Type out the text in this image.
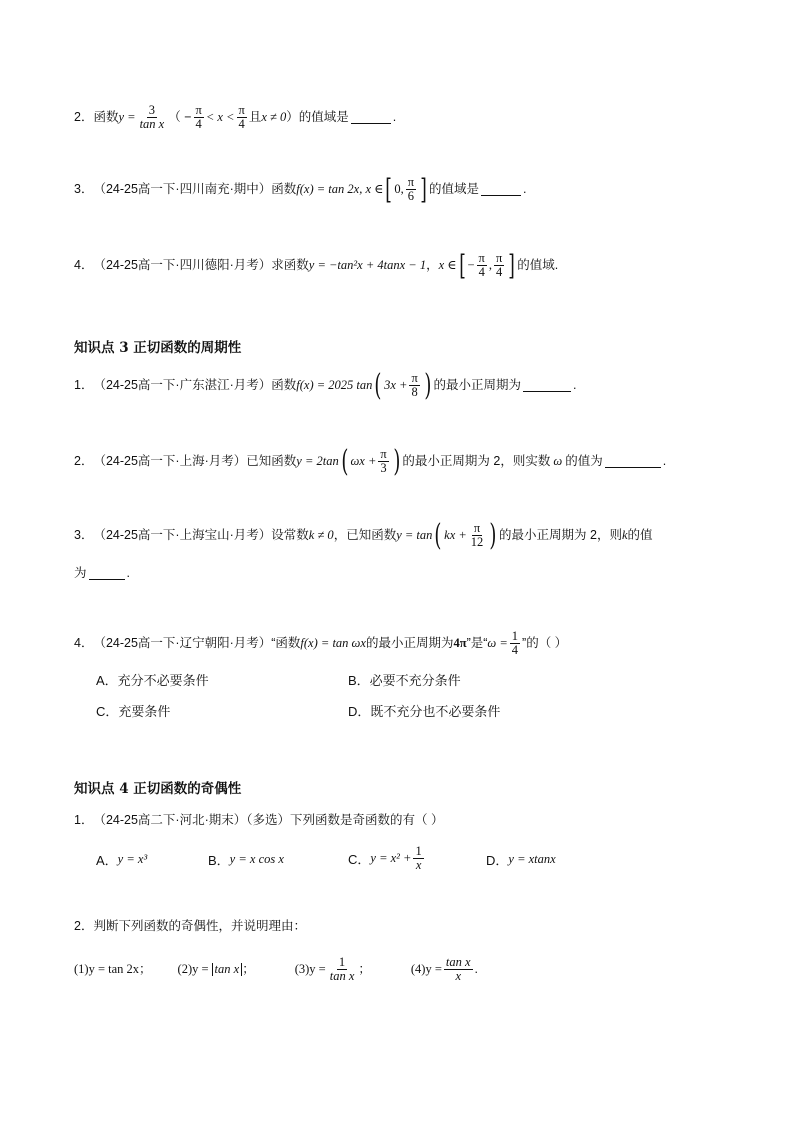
2． 函数 $y = \frac{3}{\text{tan x}}$ （ − $\frac{\pi}{4} < x < \frac{\pi}{4}$ 且 x ≠ 0 ） 的值域是	.
3． （24-25高一下·四川南充·期中） 函数 f(x) = tan 2x, x ∈ [ 0, $\frac{\pi}{6}$ ] 的值域是	.
4． （24-25高一下·四川德阳·月考） 求函数 y = −tan²x + 4tanx − 1 ， x ∈ [ − $\frac{\pi}{4}$ , $\frac{\pi}{4}$ ] 的值域.
知识点 3 正切函数的周期性
1． （24-25高一下·广东湛江·月考） 函数 f(x) = 2025 tan ( $3x + \frac{\pi}{8}$ ) 的最小正周期为	.
2． （24-25高一下·上海·月考） 已知函数 y = 2tan ( $\omega x + \frac{\pi}{3}$ ) 的最小正周期为 2，则实数 ω 的值为	.
3． （24-25高一下·上海宝山·月考） 设常数 k ≠ 0 ，已知函数 y = tan ( kx + $\frac{\pi}{12}$ ) 的最小正周期为 2，则 k 的值
为	.
4． （24-25高一下·辽宁朝阳·月考） “函数 f(x) = tan ωx 的最小正周期为 4π ”是“ $\omega = \frac{1}{4}$ ”的（ ）
A．充分不必要条件	B．必要不充分条件
C．充要条件	D．既不充分也不必要条件
知识点 4 正切函数的奇偶性
1． （24-25高二下·河北·期末）（多选） 下列函数是奇函数的有（ ）
A． y = x³	B． y = x cos x	C． $y = x^2 + \frac{1}{x}$	D． y = xtanx
2． 判断下列函数的奇偶性，并说明理由：
(1)y = tan 2x ； (2)y = tan x ；	$(3)y = \frac{1}{\text{tan x}}$ ；	$(4)y = \frac{\text{tan x}}{x}$ .
